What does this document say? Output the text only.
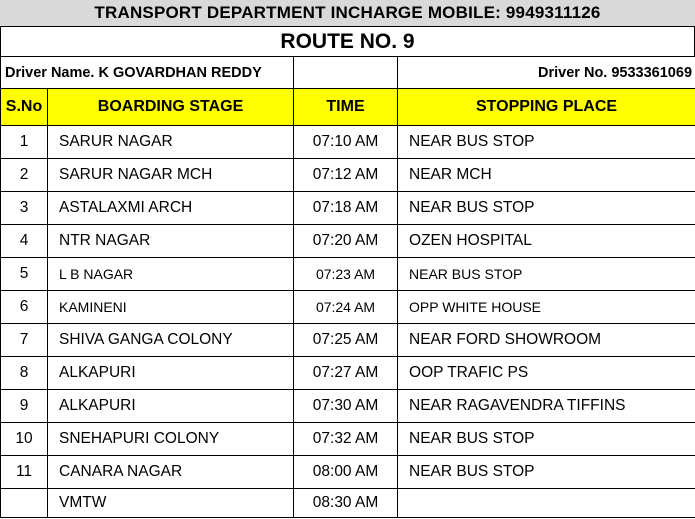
TRANSPORT DEPARTMENT INCHARGE MOBILE: 9949311126
ROUTE NO. 9
Driver Name. K GOVARDHAN REDDY			Driver No. 9533361069
S.No	BOARDING STAGE	TIME	STOPPING PLACE
1	SARUR NAGAR	07:10 AM	NEAR BUS STOP
2	SARUR NAGAR MCH	07:12 AM	NEAR MCH
3	ASTALAXMI ARCH	07:18 AM	NEAR BUS STOP
4	NTR NAGAR	07:20 AM	OZEN HOSPITAL
5	L B NAGAR	07:23 AM	NEAR BUS STOP
6	KAMINENI	07:24 AM	OPP WHITE HOUSE
7	SHIVA GANGA COLONY	07:25 AM	NEAR FORD SHOWROOM
8	ALKAPURI	07:27 AM	OOP TRAFIC PS
9	ALKAPURI	07:30 AM	NEAR RAGAVENDRA TIFFINS
10	SNEHAPURI COLONY	07:32 AM	NEAR BUS STOP
11	CANARA NAGAR	08:00 AM	NEAR BUS STOP
	VMTW	08:30 AM	
